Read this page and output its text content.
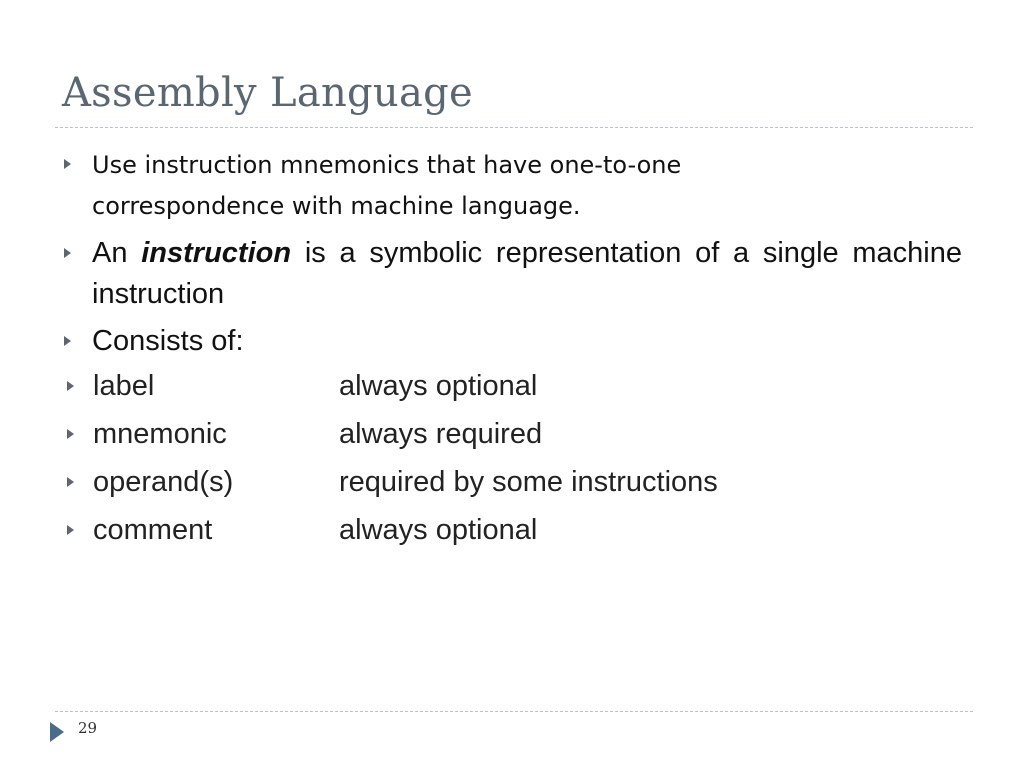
Assembly Language
Use instruction mnemonics that have one-to-one correspondence with machine language.
An instruction is a symbolic representation of a single machine instruction
Consists of:
label	always optional
mnemonic	always required
operand(s)	required by some instructions
comment	always optional
29
